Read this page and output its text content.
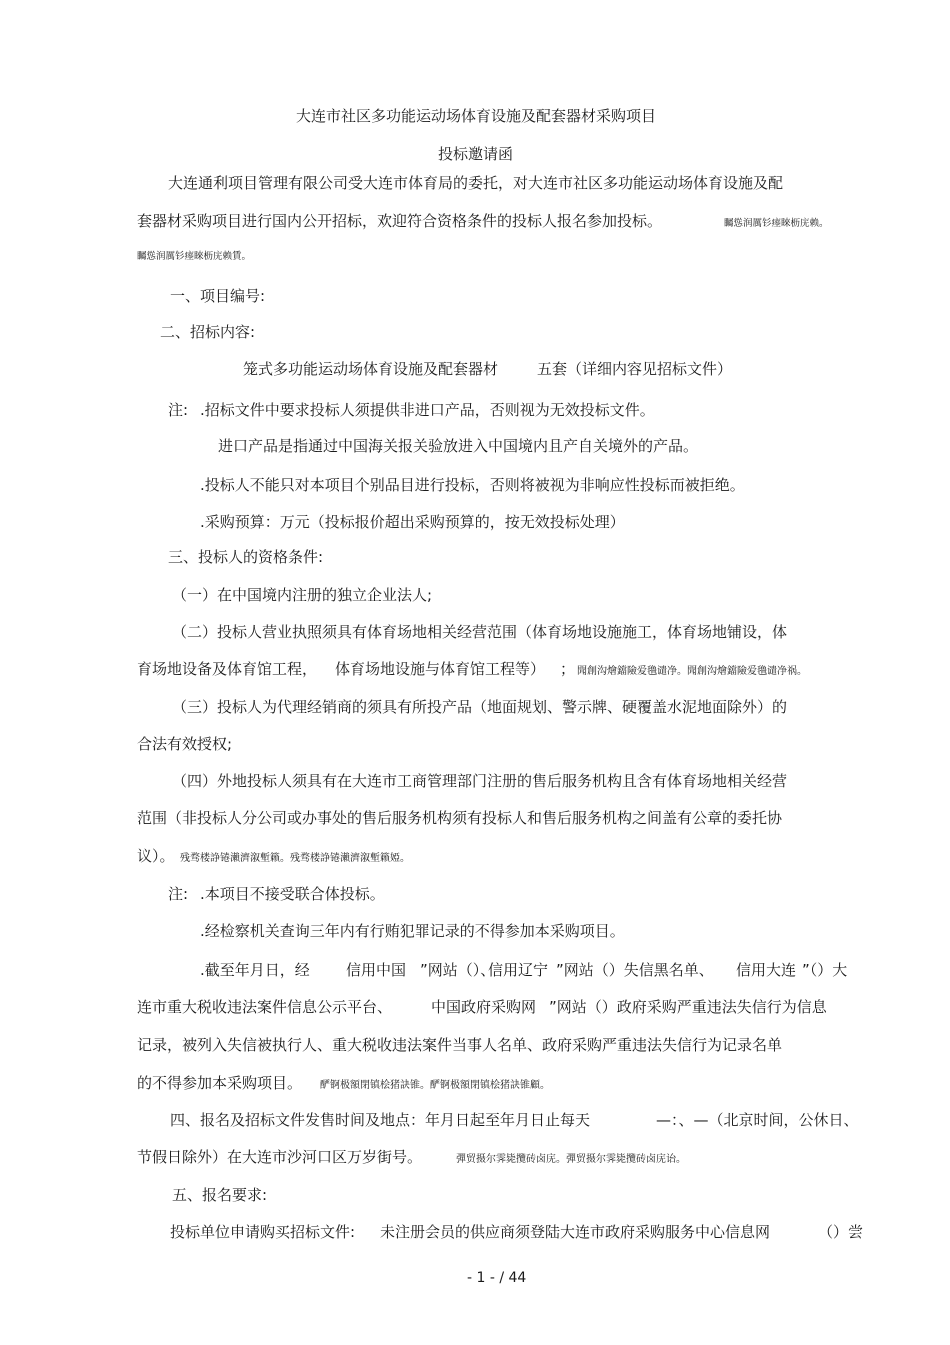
大连市社区多功能运动场体育设施及配套器材采购项目
投标邀请函
大连通利项目管理有限公司受大连市体育局的委托，对大连市社区多功能运动场体育设施及配
套器材采购项目进行国内公开招标，欢迎符合资格条件的投标人报名参加投标。	矚慫润厲钐瘗睞枥庑赖。
矚慫润厲钐瘗睞枥庑赖賃。
一、项目编号:
二、招标内容:
笼式多功能运动场体育设施及配套器材	五套（详细内容见招标文件）
注: .招标文件中要求投标人须提供非进口产品，否则视为无效投标文件。
进口产品是指通过中国海关报关验放进入中国境内且产自关境外的产品。
.投标人不能只对本项目个别品目进行投标，否则将被视为非响应性投标而被拒绝。
.采购预算：万元（投标报价超出采购预算的，按无效投标处理）
三、投标人的资格条件:
（一）在中国境内注册的独立企业法人;
（二）投标人营业执照须具有体育场地相关经营范围（体育场地设施施工，体育场地铺设，体
育场地设备及体育馆工程， 体育场地设施与体育馆工程等） ； 聞創沟燴鐺險爱氇谴净。聞創沟燴鐺險爱氇谴净祸。
（三）投标人为代理经销商的须具有所投产品（地面规划、警示牌、硬覆盖水泥地面除外）的
合法有效授权;
（四）外地投标人须具有在大连市工商管理部门注册的售后服务机构且含有体育场地相关经营
范围（非投标人分公司或办事处的售后服务机构须有投标人和售后服务机构之间盖有公章的委托协
议）。 残骛楼諍锩瀨濟溆塹籟。残骛楼諍锩瀨濟溆塹籟婭。
注: .本项目不接受联合体投标。
.经检察机关查询三年内有行贿犯罪记录的不得参加本采购项目。
.截至年月日，经 信用中国 ”网站（）、
信用辽宁 ”网站（）失信黑名单、 信用大连 ”（）大
连市重大税收违法案件信息公示平台、	中国政府采购网 ”网站（）政府采购严重违法失信行为信息
记录，被列入失信被执行人、重大税收违法案件当事人名单、政府采购严重违法失信行为记录名单
的不得参加本采购项目。 酽锕极額閉镇桧猪訣锥。酽锕极額閉镇桧猪訣锥顧。
四、报名及招标文件发售时间及地点：年月日起至年月日止每天	—：、—（北京时间，公休日、
节假日除外）在大连市沙河口区万岁街号。	彈贸摄尔霁毙攬砖卤庑。彈贸摄尔霁毙攬砖卤庑诒。
五、报名要求:
投标单位申请购买招标文件: 未注册会员的供应商须登陆大连市政府采购服务中心信息网	（）尝
- 1 - / 44
